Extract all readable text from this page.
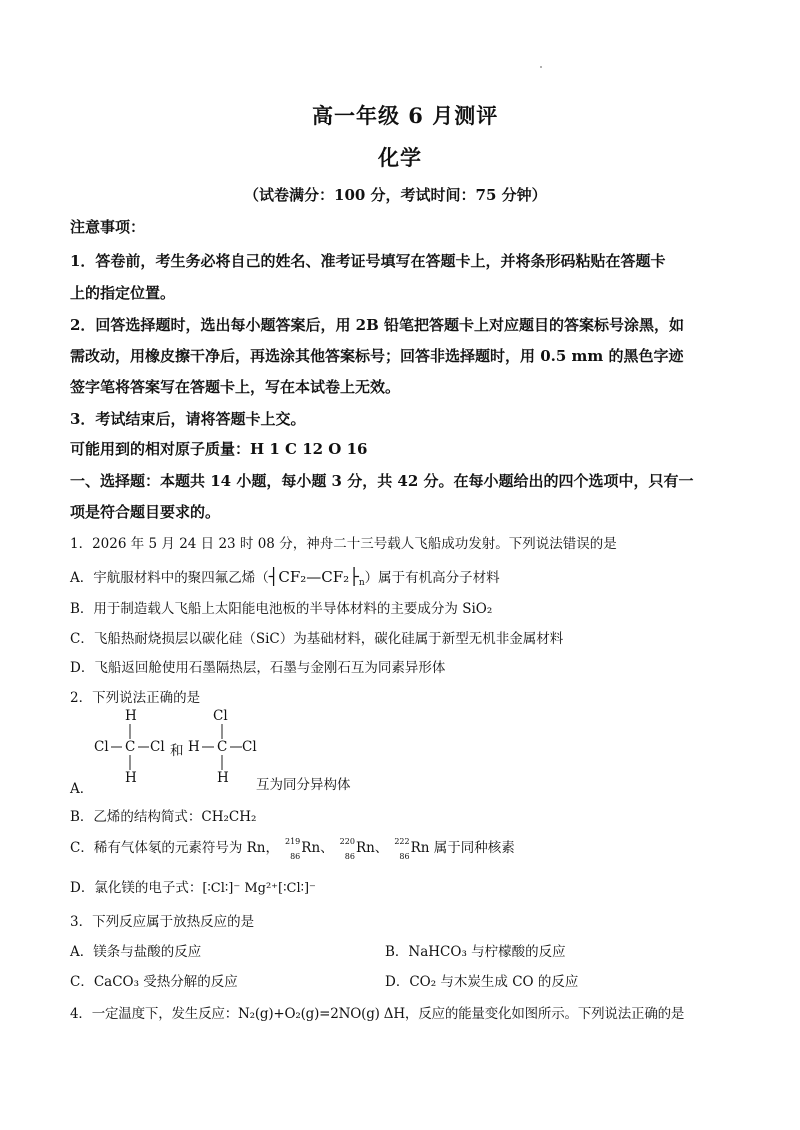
高一年级 6 月测评
化学
（试卷满分：100 分，考试时间：75 分钟）
注意事项：
1．答卷前，考生务必将自己的姓名、准考证号填写在答题卡上，并将条形码粘贴在答题卡
上的指定位置。
2．回答选择题时，选出每小题答案后，用 2B 铅笔把答题卡上对应题目的答案标号涂黑，如
需改动，用橡皮擦干净后，再选涂其他答案标号；回答非选择题时，用 0.5 mm 的黑色字迹
签字笔将答案写在答题卡上，写在本试卷上无效。
3．考试结束后，请将答题卡上交。
可能用到的相对原子质量：H 1 C 12 O 16
一、选择题：本题共 14 小题，每小题 3 分，共 42 分。在每小题给出的四个选项中，只有一
项是符合题目要求的。
1．2026 年 5 月 24 日 23 时 08 分，神舟二十三号载人飞船成功发射。下列说法错误的是
A．宇航服材料中的聚四氟乙烯$(┤CF_2—CF_2├_n)$属于有机高分子材料
B．用于制造载人飞船上太阳能电池板的半导体材料的主要成分为 SiO₂
C．飞船热耐烧损层以碳化硅（SiC）为基础材料，碳化硅属于新型无机非金属材料
D．飞船返回舱使用石墨隔热层，石墨与金刚石互为同素异形体
2．下列说法正确的是
H
Cl C Cl 和
H
Cl
H C Cl
H
A．	互为同分异构体
B．乙烯的结构简式：CH₂CH₂
C．稀有气体氡的元素符号为 Rn， 219
86 Rn、 220
86 Rn、 222
86 Rn 属于同种核素
D．氯化镁的电子式：[∶Cl∶]⁻ Mg²⁺[∶Cl∶]⁻
3．下列反应属于放热反应的是
A．镁条与盐酸的反应	B．NaHCO₃ 与柠檬酸的反应
C．CaCO₃ 受热分解的反应	D．CO₂ 与木炭生成 CO 的反应
4．一定温度下，发生反应：N₂(g)+O₂(g)=2NO(g) ΔH，反应的能量变化如图所示。下列说法正确的是
